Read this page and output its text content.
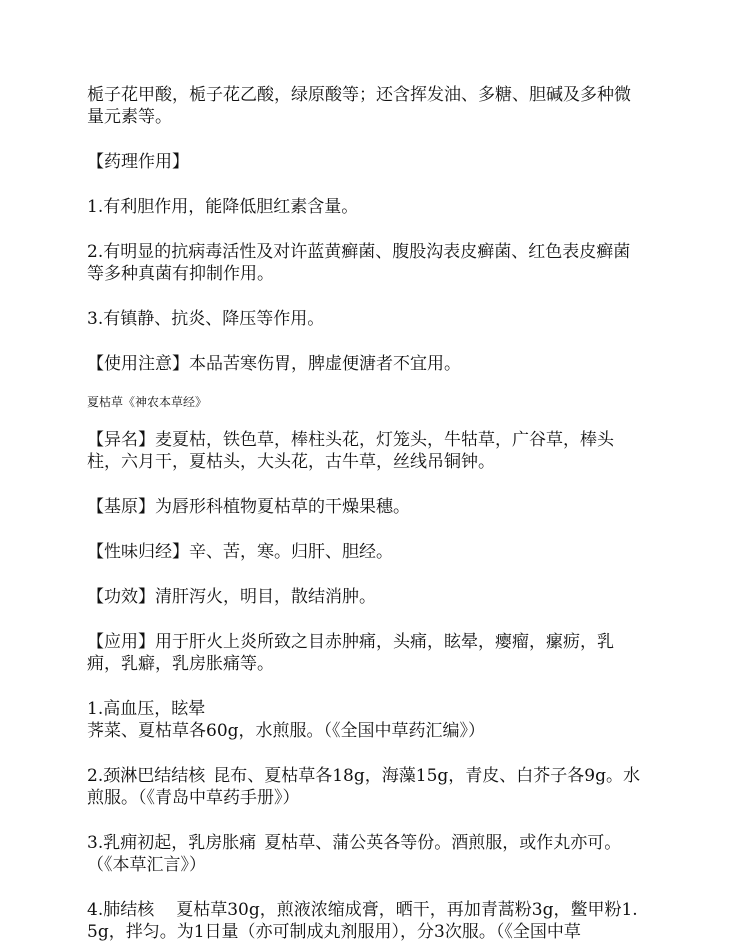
栀子花甲酸，栀子花乙酸，绿原酸等；还含挥发油、多糖、胆碱及多种微量元素等。

【药理作用】

1.有利胆作用，能降低胆红素含量。

2.有明显的抗病毒活性及对许蓝黄癣菌、腹股沟表皮癣菌、红色表皮癣菌等多种真菌有抑制作用。

3.有镇静、抗炎、降压等作用。

【使用注意】本品苦寒伤胃，脾虚便溏者不宜用。

夏枯草《神农本草经》

【异名】麦夏枯，铁色草，棒柱头花，灯笼头，牛牯草，广谷草，棒头柱，六月干，夏枯头，大头花，古牛草，丝线吊铜钟。

【基原】为唇形科植物夏枯草的干燥果穗。

【性味归经】辛、苦，寒。归肝、胆经。

【功效】清肝泻火，明目，散结消肿。

【应用】用于肝火上炎所致之目赤肿痛，头痛，眩晕，瘿瘤，瘰疬，乳痈，乳癖，乳房胀痛等。

1.高血压，眩晕荠菜、夏枯草各60g，水煎服。（《全国中草药汇编》）

2.颈淋巴结结核 昆布、夏枯草各18g，海藻15g，青皮、白芥子各9g。水煎服。（《青岛中草药手册》）

3.乳痈初起，乳房胀痛 夏枯草、蒲公英各等份。酒煎服，或作丸亦可。（《本草汇言》）

4.肺结核 夏枯草30g，煎液浓缩成膏，晒干，再加青蒿粉3g，鳖甲粉1.5g，拌匀。为1日量（亦可制成丸剂服用），分3次服。（《全国中草
